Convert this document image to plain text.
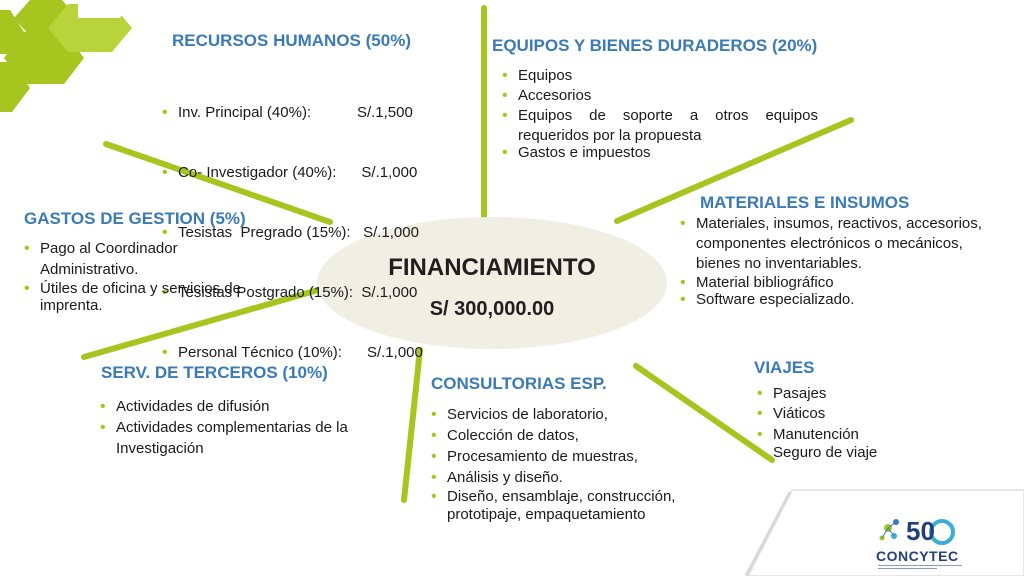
FINANCIAMIENTO
S/ 300,000.00
RECURSOS HUMANOS (50%)

• Inv. Principal (40%):           S/.1,500

• Co- Investigador (40%):      S/.1,000

• Tesistas  Pregrado (15%):   S/.1,000

• Tesistas Postgrado (15%):  S/.1,000

• Personal Técnico (10%):      S/.1,000

EQUIPOS Y BIENES DURADEROS (20%)
• Equipos
• Accesorios
• Equipos de soporte a otros equipos requeridos por la propuesta
• Gastos e impuestos
GASTOS DE GESTION (5%)
• Pago al Coordinador Administrativo.
• Útiles de oficina y servicios de imprenta.
MATERIALES E INSUMOS
• Materiales, insumos, reactivos, accesorios, componentes electrónicos o mecánicos, bienes no inventariables.
• Material bibliográfico
• Software especializado.
SERV. DE TERCEROS (10%)
• Actividades de difusión
• Actividades complementarias de la Investigación
CONSULTORIAS ESP.
• Servicios de laboratorio,
• Colección de datos,
• Procesamiento de muestras,
• Análisis y diseño.
• Diseño, ensamblaje, construcción, prototipaje, empaquetamiento
VIAJES
• Pasajes
• Viáticos
• Manutención
• Seguro de viaje
50
CONCYTEC
